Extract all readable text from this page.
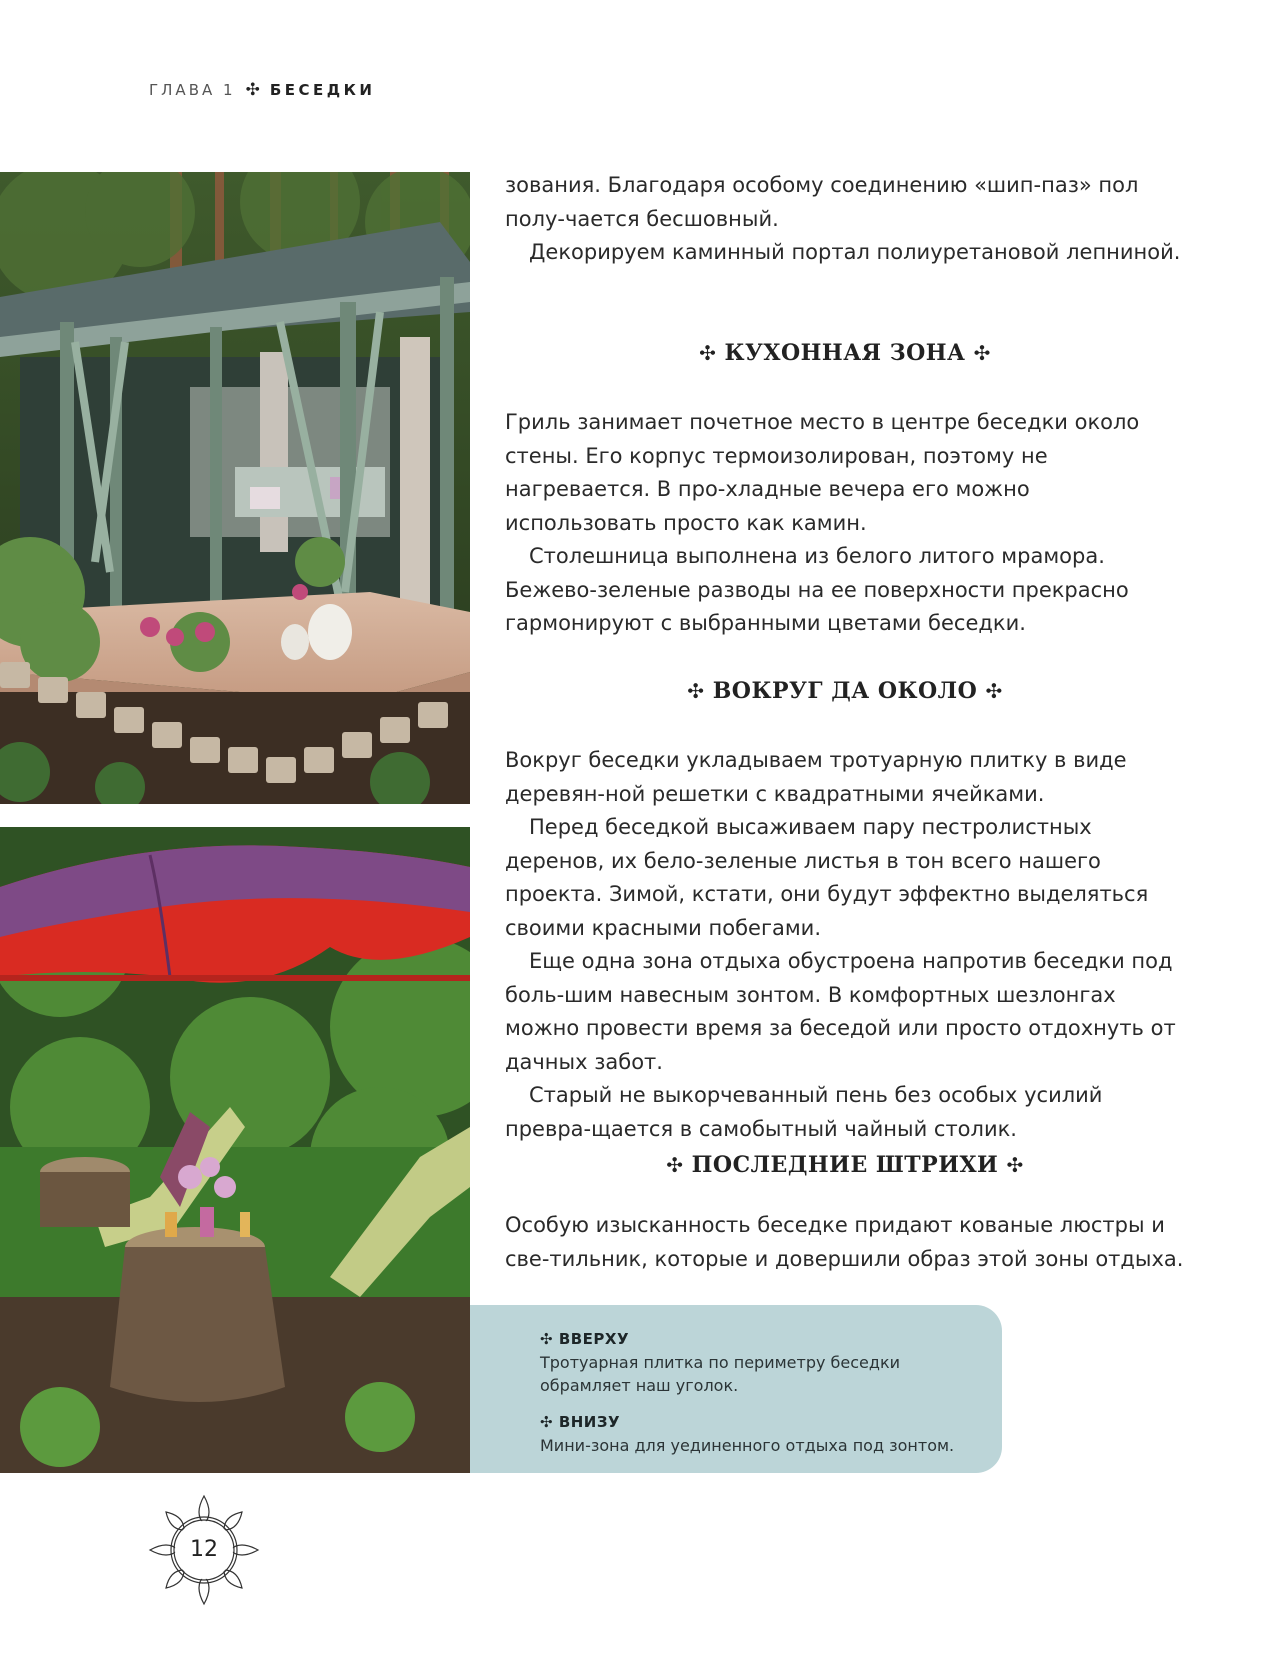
ГЛАВА 1 ✣ БЕСЕДКИ

зования. Благодаря особому соединению «шип-паз» пол полу-чается бесшовный.

Декорируем каминный портал полиуретановой лепниной.

✣ КУХОННАЯ ЗОНА ✣

Гриль занимает почетное место в центре беседки около стены. Его корпус термоизолирован, поэтому не нагревается. В про-хладные вечера его можно использовать просто как камин.

Столешница выполнена из белого литого мрамора. Бежево-зеленые разводы на ее поверхности прекрасно гармонируют с выбранными цветами беседки.

✣ ВОКРУГ ДА ОКОЛО ✣

Вокруг беседки укладываем тротуарную плитку в виде деревян-ной решетки с квадратными ячейками.

Перед беседкой высаживаем пару пестролистных деренов, их бело-зеленые листья в тон всего нашего проекта. Зимой, кстати, они будут эффектно выделяться своими красными побегами.

Еще одна зона отдыха обустроена напротив беседки под боль-шим навесным зонтом. В комфортных шезлонгах можно провести время за беседой или просто отдохнуть от дачных забот.

Старый не выкорчеванный пень без особых усилий превра-щается в самобытный чайный столик.

✣ ПОСЛЕДНИЕ ШТРИХИ ✣

Особую изысканность беседке придают кованые люстры и све-тильник, которые и довершили образ этой зоны отдыха.

✣ ВВЕРХУ
Тротуарная плитка по периметру беседки обрамляет наш уголок.
✣ ВНИЗУ
Мини-зона для уединенного отдыха под зонтом.
12
